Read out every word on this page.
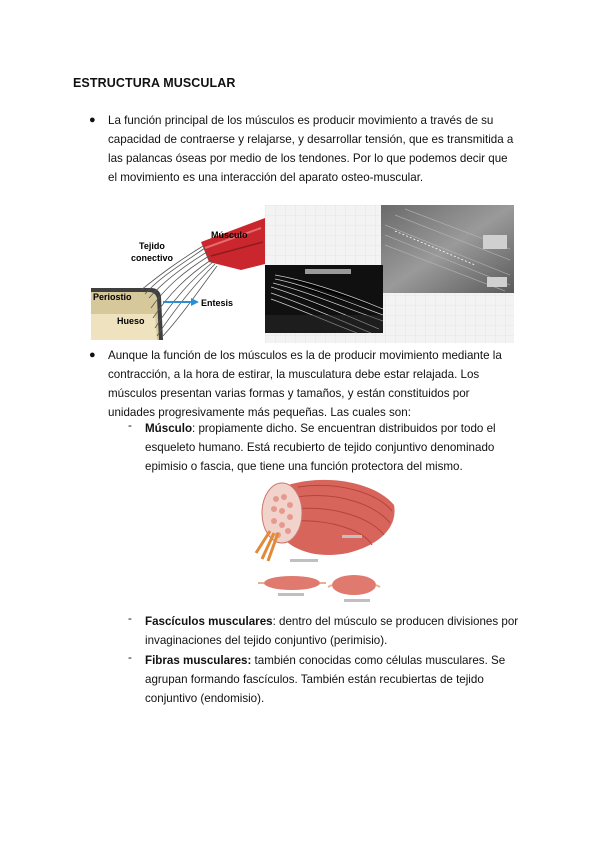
ESTRUCTURA MUSCULAR
● La función principal de los músculos es producir movimiento a través de su
capacidad de contraerse y relajarse, y desarrollar tensión, que es transmitida a
las palancas óseas por medio de los tendones. Por lo que podemos decir que
el movimiento es una interacción del aparato osteo-muscular.
Músculo
Tejido
conectivo
Periostio
Entesis
Hueso
● Aunque la función de los músculos es la de producir movimiento mediante la
contracción, a la hora de estirar, la musculatura debe estar relajada. Los
músculos presentan varias formas y tamaños, y están constituidos por
unidades progresivamente más pequeñas. Las cuales son:
- Músculo: propiamente dicho. Se encuentran distribuidos por todo el
esqueleto humano. Está recubierto de tejido conjuntivo denominado
epimisio o fascia, que tiene una función protectora del mismo.
- Fascículos musculares: dentro del músculo se producen divisiones por
invaginaciones del tejido conjuntivo (perimisio).
- Fibras musculares: también conocidas como células musculares. Se
agrupan formando fascículos. También están recubiertas de tejido
conjuntivo (endomisio).
